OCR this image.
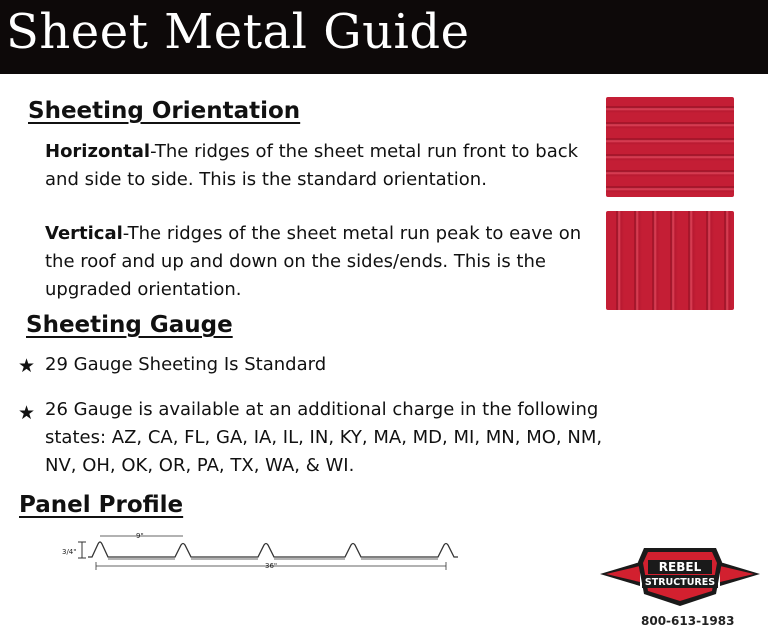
Sheet Metal Guide
Sheeting Orientation
Horizontal-The ridges of the sheet metal run front to back and side to side. This is the standard orientation.
Vertical-The ridges of the sheet metal run peak to eave on the roof and up and down on the sides/ends. This is the upgraded orientation.
Sheeting Gauge
★ 29 Gauge Sheeting Is Standard
★ 26 Gauge is available at an additional charge in the following states: AZ, CA, FL, GA, IA, IL, IN, KY, MA, MD, MI, MN, MO, NM, NV, OH, OK, OR, PA, TX, WA, & WI.
Panel Profile
3/4"
9"
36"	REBEL
STRUCTURES
800-613-1983
